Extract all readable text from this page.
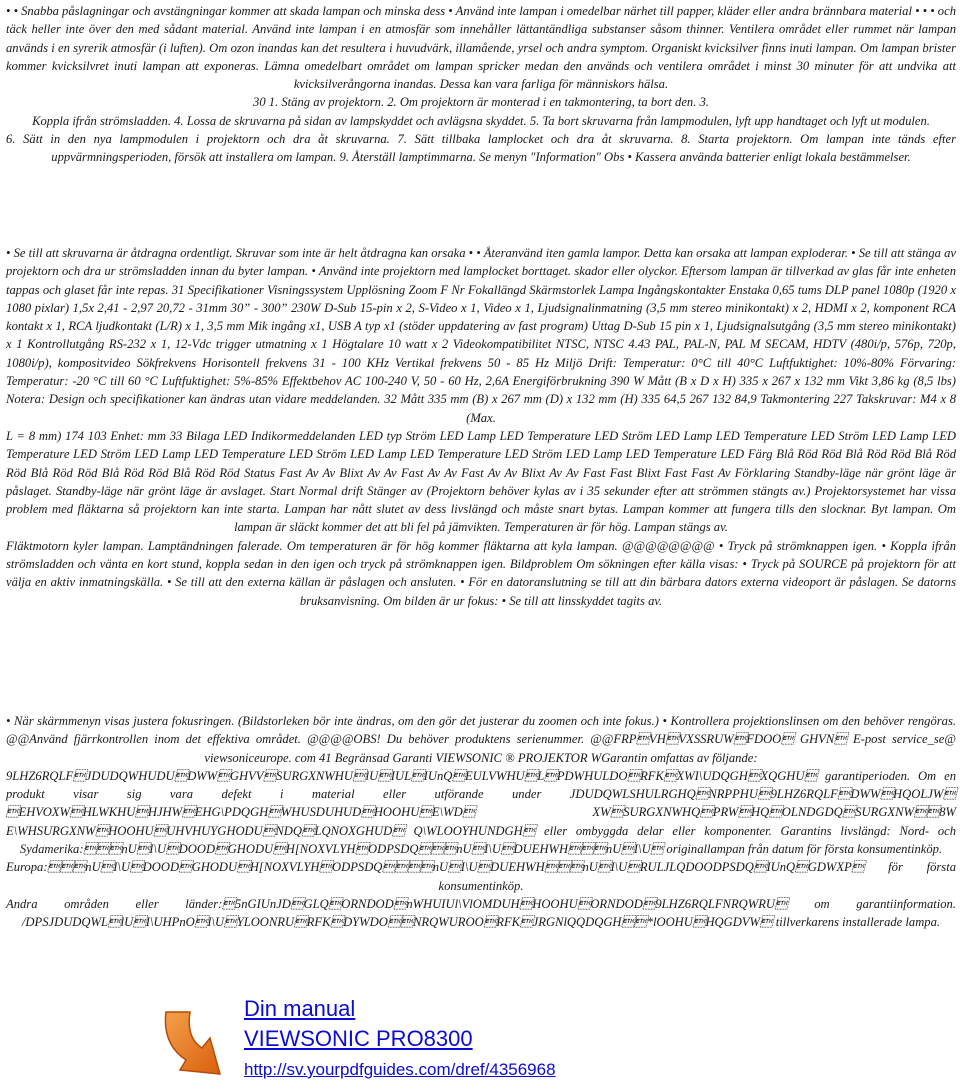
• • Snabba påslagningar och avstängningar kommer att skada lampan och minska dess • Använd inte lampan i omedelbar närhet till papper, kläder eller andra brännbara material • • • och täck heller inte över den med sådant material. Använd inte lampan i en atmosfär som innehåller lättantändliga substanser såsom thinner. Ventilera området eller rummet när lampan används i en syrerik atmosfär (i luften). Om ozon inandas kan det resultera i huvudvärk, illamående, yrsel och andra symptom. Organiskt kvicksilver finns inuti lampan. Om lampan brister kommer kvicksilvret inuti lampan att exponeras. Lämna omedelbart området om lampan spricker medan den används och ventilera området i minst 30 minuter för att undvika att kvicksilverångorna inandas. Dessa kan vara farliga för människors hälsa.

30 1. Stäng av projektorn. 2. Om projektorn är monterad i en takmontering, ta bort den. 3.

Koppla ifrån strömsladden. 4. Lossa de skruvarna på sidan av lampskyddet och avlägsna skyddet. 5. Ta bort skruvarna från lampmodulen, lyft upp handtaget och lyft ut modulen.

6. Sätt in den nya lampmodulen i projektorn och dra åt skruvarna. 7. Sätt tillbaka lamplocket och dra åt skruvarna. 8. Starta projektorn. Om lampan inte tänds efter uppvärmningsperioden, försök att installera om lampan. 9. Återställ lamptimmarna. Se menyn "Information" Obs • Kassera använda batterier enligt lokala bestämmelser.

• Se till att skruvarna är åtdragna ordentligt. Skruvar som inte är helt åtdragna kan orsaka • • Återanvänd iten gamla lampor. Detta kan orsaka att lampan exploderar. • Se till att stänga av projektorn och dra ur strömsladden innan du byter lampan. • Använd inte projektorn med lamplocket borttaget. skador eller olyckor. Eftersom lampan är tillverkad av glas får inte enheten tappas och glaset får inte repas. 31 Specifikationer Visningssystem Upplösning Zoom F Nr Fokallängd Skärmstorlek Lampa Ingångskontakter Enstaka 0,65 tums DLP panel 1080p (1920 x 1080 pixlar) 1,5x 2,41 - 2,97 20,72 - 31mm 30” - 300” 230W D-Sub 15-pin x 2, S-Video x 1, Video x 1, Ljudsignalinmatning (3,5 mm stereo minikontakt) x 2, HDMI x 2, komponent RCA kontakt x 1, RCA ljudkontakt (L/R) x 1, 3,5 mm Mik ingång x1, USB A typ x1 (stöder uppdatering av fast program) Uttag D-Sub 15 pin x 1, Ljudsignalsutgång (3,5 mm stereo minikontakt) x 1 Kontrollutgång RS-232 x 1, 12-Vdc trigger utmatning x 1 Högtalare 10 watt x 2 Videokompatibilitet NTSC, NTSC 4.43 PAL, PAL-N, PAL M SECAM, HDTV (480i/p, 576p, 720p, 1080i/p), kompositvideo Sökfrekvens Horisontell frekvens 31 - 100 KHz Vertikal frekvens 50 - 85 Hz Miljö Drift: Temperatur: 0°C till 40°C Luftfuktighet: 10%-80% Förvaring: Temperatur: -20 °C till 60 °C Luftfuktighet: 5%-85% Effektbehov AC 100-240 V, 50 - 60 Hz, 2,6A Energiförbrukning 390 W Mått (B x D x H) 335 x 267 x 132 mm Vikt 3,86 kg (8,5 lbs) Notera: Design och specifikationer kan ändras utan vidare meddelanden. 32 Mått 335 mm (B) x 267 mm (D) x 132 mm (H) 335 64,5 267 132 84,9 Takmontering 227 Takskruvar: M4 x 8 (Max.

L = 8 mm) 174 103 Enhet: mm 33 Bilaga LED Indikormeddelanden LED typ Ström LED Lamp LED Temperature LED Ström LED Lamp LED Temperature LED Ström LED Lamp LED Temperature LED Ström LED Lamp LED Temperature LED Ström LED Lamp LED Temperature LED Ström LED Lamp LED Temperature LED Färg Blå Röd Röd Blå Röd Röd Blå Röd Röd Blå Röd Röd Blå Röd Röd Blå Röd Röd Status Fast Av Av Blixt Av Av Fast Av Av Fast Av Av Blixt Av Av Fast Fast Blixt Fast Fast Av Förklaring Standby-läge när grönt läge är påslaget. Standby-läge när grönt läge är avslaget. Start Normal drift Stänger av (Projektorn behöver kylas av i 35 sekunder efter att strömmen stängts av.) Projektorsystemet har vissa problem med fläktarna så projektorn kan inte starta. Lampan har nått slutet av dess livslängd och måste snart bytas. Lampan kommer att fungera tills den slocknar. Byt lampan. Om lampan är släckt kommer det att bli fel på jämvikten. Temperaturen är för hög. Lampan stängs av.

Fläktmotorn kyler lampan. Lamptändningen falerade. Om temperaturen är för hög kommer fläktarna att kyla lampan. @@@@@@@@ • Tryck på strömknappen igen. • Koppla ifrån strömsladden och vänta en kort stund, koppla sedan in den igen och tryck på strömknappen igen. Bildproblem Om sökningen efter källa visas: • Tryck på SOURCE på projektorn för att välja en aktiv inmatningskälla. • Se till att den externa källan är påslagen och ansluten. • För en datoranslutning se till att din bärbara dators externa videoport är påslagen. Se datorns bruksanvisning. Om bilden är ur fokus: • Se till att linsskyddet tagits av.

• När skärmmenyn visas justera fokusringen. (Bildstorleken bör inte ändras, om den gör det justerar du zoomen och inte fokus.) • Kontrollera projektionslinsen om den behöver rengöras. @@Använd fjärrkontrollen inom det effektiva området. @@@@OBS! Du behöver produktens serienummer. @@FRPVHVXSSRUWFDOO GHVN E-post service_se@ viewsoniceurope. com 41 Begränsad Garanti VIEWSONIC ® PROJEKTOR WGarantin omfattas av följande:

9LHZ6RQLFJDUDQWHUDUDWWGHVVSURGXNWHUlUIULIUnQEULVWHULPDWHULDORFKXWI\UDQGHXQGHU garantiperioden. Om en produkt visar sig vara defekt i material eller utförande under JDUDQWLSHULRGHQNRPPHU9LHZ6RQLFDWWHQOLJW EHVOXWHLWKHUHJHWEHG\PDQGHWHUSDUHUDHOOHUE\WD XWSURGXNWHQPRWHQOLNDGDQSURGXNW8W E\WHSURGXNWHOOHUUHVHUYGHODUNDQLQNOXGHUD Q\WLOOYHUNDGH eller ombyggda delar eller komponenter. Garantins livslängd: Nord- och Sydamerika:nUI\UDOODGHODUH[NOXVLYHODPSDQnUI\UDUEHWHnUI\U originallampan från datum för första konsumentinköp.

Europa:nUI\UDOODGHODUH[NOXVLYHODPSDQnUI\UDUEHWHnUI\URULJLQDOODPSDQIUnQGDWXP för första konsumentinköp.

Andra områden eller länder:5nGIUnJDGLQORNDODnWHUIUl\VlOMDUHHOOHUORNDOD9LHZ6RQLFNRQWRU om garantiinformation. /DPSJDUDQWLlUI\UHPnOI\UYLOONRURFKDYWDONRQWUROORFKJRGNlQQDQGH*lOOHUHQGDVW tillverkarens installerade lampa.

Din manual
VIEWSONIC PRO8300
http://sv.yourpdfguides.com/dref/4356968
